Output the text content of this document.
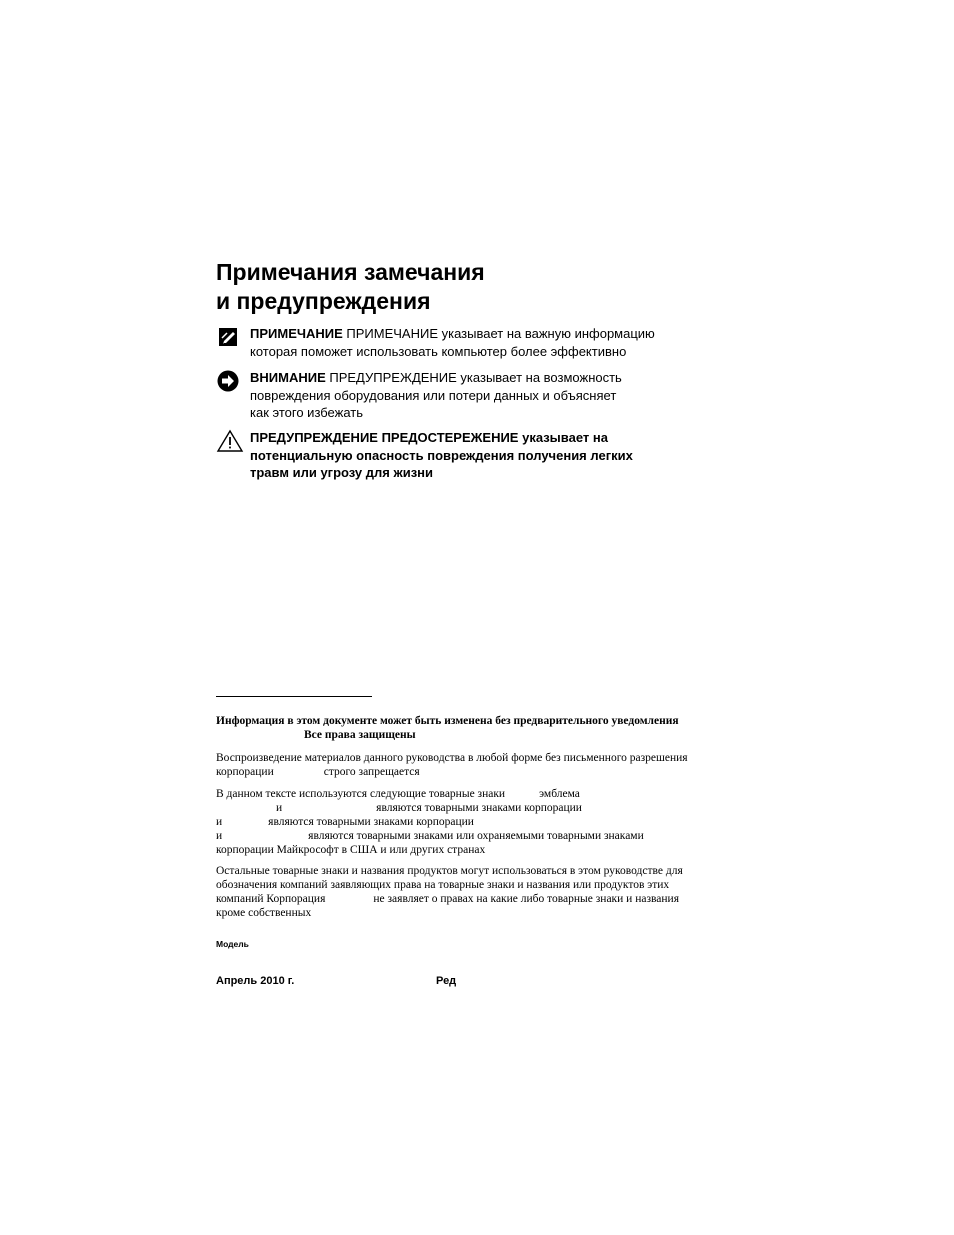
Примечания замечания
и предупреждения

ПРИМЕЧАНИЕ ПРИМЕЧАНИЕ указывает на важную информацию

которая поможет использовать компьютер более эффективно

ВНИМАНИЕ ПРЕДУПРЕЖДЕНИЕ указывает на возможность

повреждения оборудования или потери данных и объясняет

как этого избежать

ПРЕДУПРЕЖДЕНИЕ ПРЕДОСТЕРЕЖЕНИЕ указывает на

потенциальную опасность повреждения получения легких

травм или угрозу для жизни

Информация в этом документе может быть изменена без предварительного уведомления

Все права защищены

Воспроизведение материалов данного руководства в любой форме без письменного разрешения

корпорации	строго запрещается

В данном тексте используются следующие товарные знаки	эмблема

и	являются товарными знаками корпорации

и	являются товарными знаками корпорации

и	являются товарными знаками или охраняемыми товарными знаками

корпорации Майкрософт в США и или других странах

Остальные товарные знаки и названия продуктов могут использоваться в этом руководстве для

обозначения компаний заявляющих права на товарные знаки и названия или продуктов этих

компаний Корпорация	не заявляет о правах на какие либо товарные знаки и названия

кроме собственных

Модель
Апрель 2010 г.	Ред
